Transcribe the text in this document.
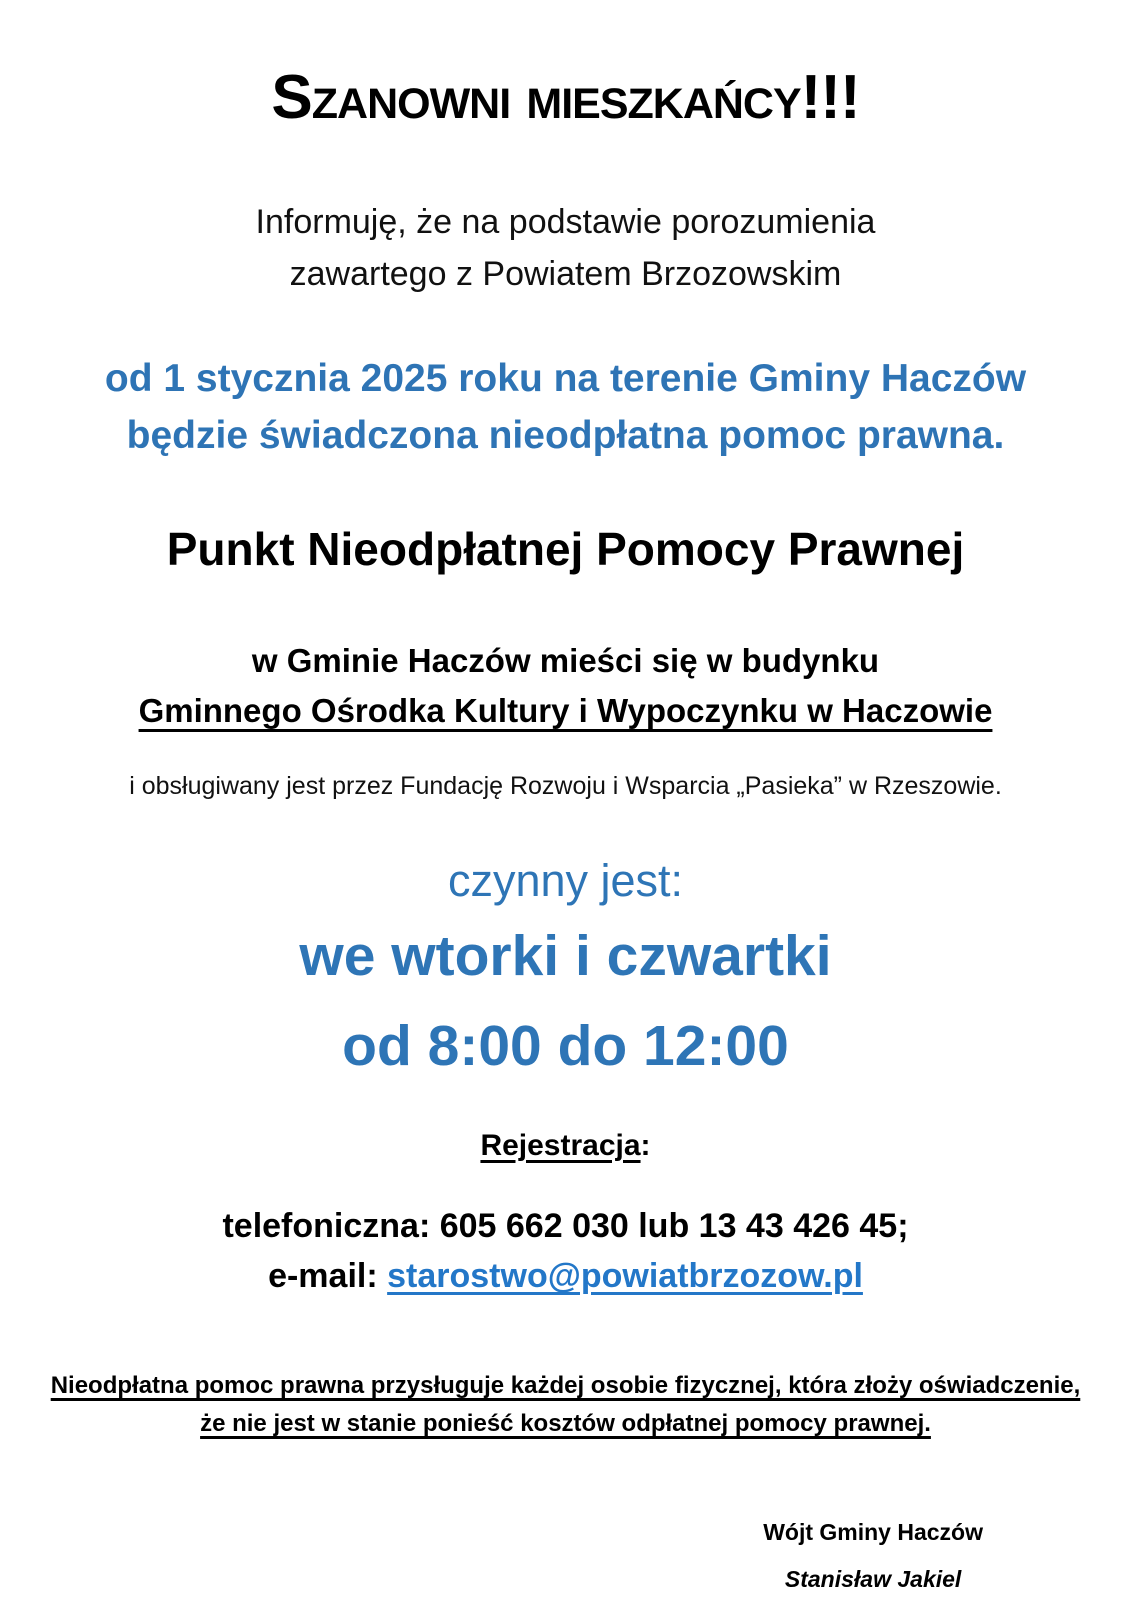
Szanowni mieszkańcy!!!
Informuję, że na podstawie porozumienia
zawartego z Powiatem Brzozowskim
od 1 stycznia 2025 roku na terenie Gminy Haczów
będzie świadczona nieodpłatna pomoc prawna.
Punkt Nieodpłatnej Pomocy Prawnej
w Gminie Haczów mieści się w budynku
Gminnego Ośrodka Kultury i Wypoczynku w Haczowie
i obsługiwany jest przez Fundację Rozwoju i Wsparcia „Pasieka” w Rzeszowie.
czynny jest:
we wtorki i czwartki
od 8:00 do 12:00
Rejestracja:
telefoniczna: 605 662 030 lub 13 43 426 45;
e-mail: starostwo@powiatbrzozow.pl
Nieodpłatna pomoc prawna przysługuje każdej osobie fizycznej, która złoży oświadczenie,
że nie jest w stanie ponieść kosztów odpłatnej pomocy prawnej.
Wójt Gminy Haczów
Stanisław Jakiel
